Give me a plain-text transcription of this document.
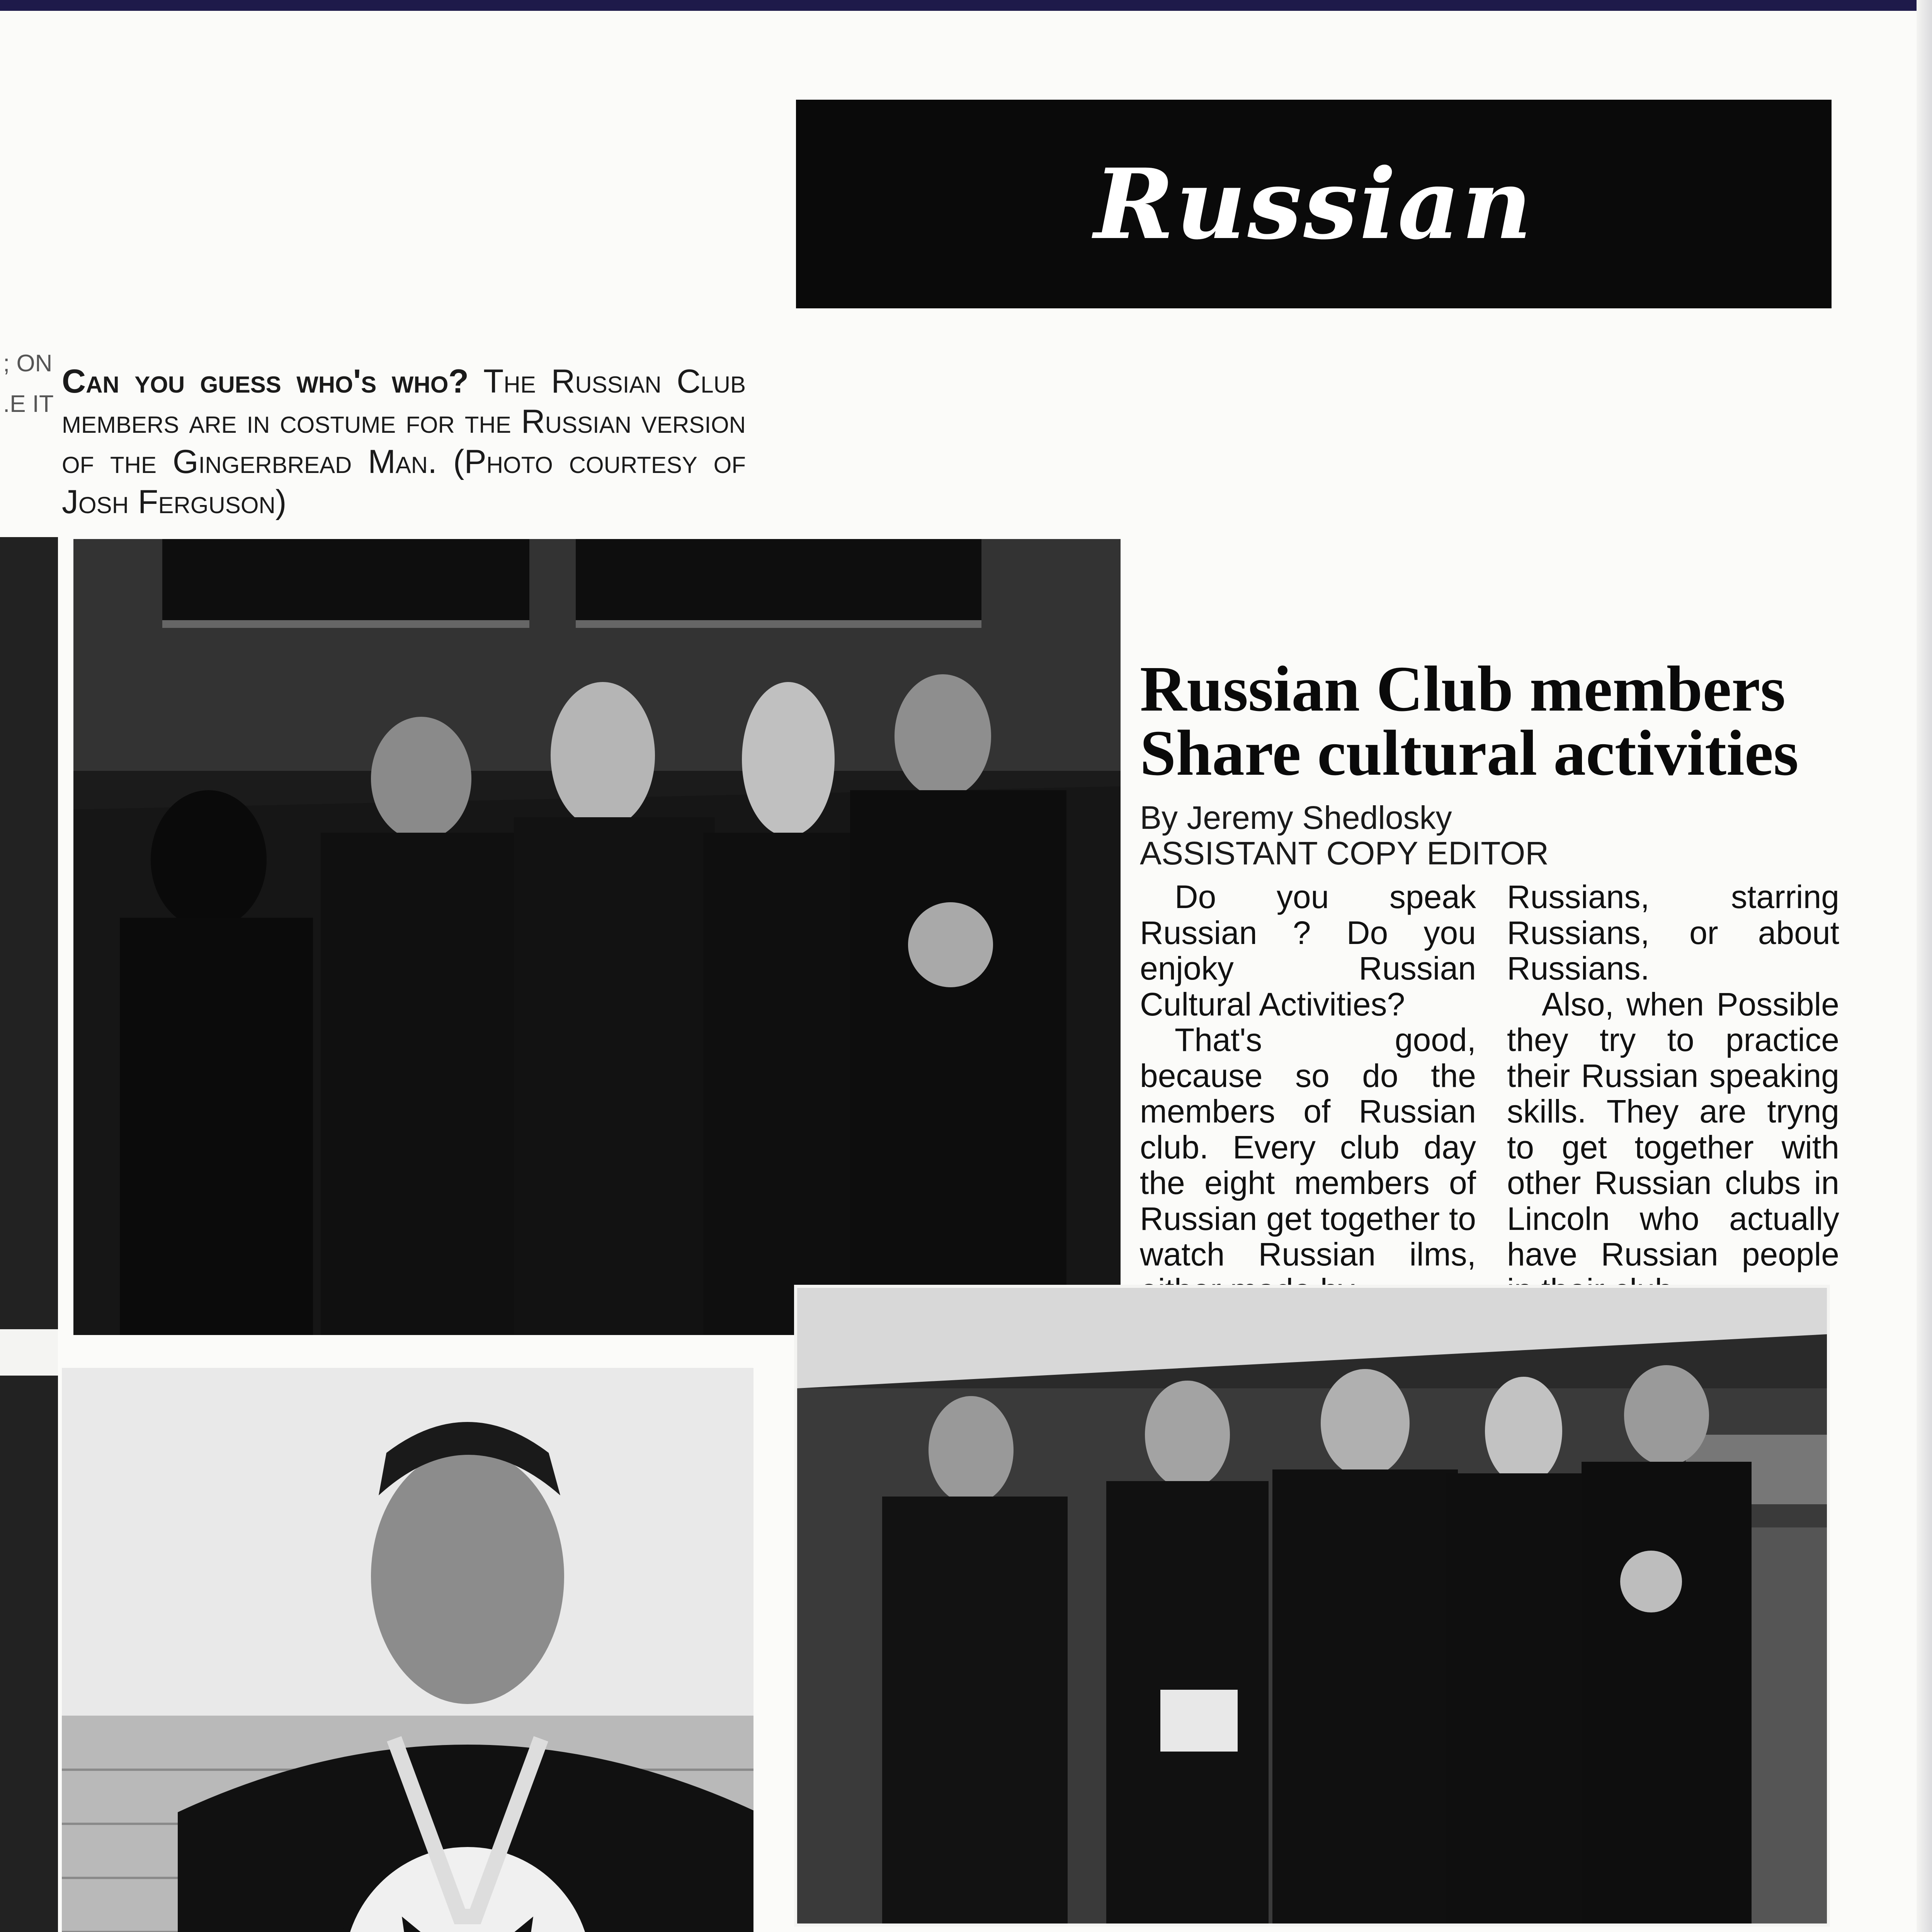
; ON
.E IT
Russian
Can you guess who's who? The Russian Club members are in costume for the Russian version of the Gingerbread Man. (Photo courtesy of Josh Ferguson)
Russian Club members
Share cultural activities
By Jeremy Shedlosky
ASSISTANT COPY EDITOR

Do you speak Russian ? Do you enjoky Russian Cultural Activities?

That's good, because so do the members of Russian club. Every club day the eight members of Russian get together to watch Russian ilms,

Russians, starring Russians, or about Russians.

Also, when Possible they try to practice their Russian speaking skills. They are tryng to get together with other Russian clubs in Lincoln who actually have Russian people
